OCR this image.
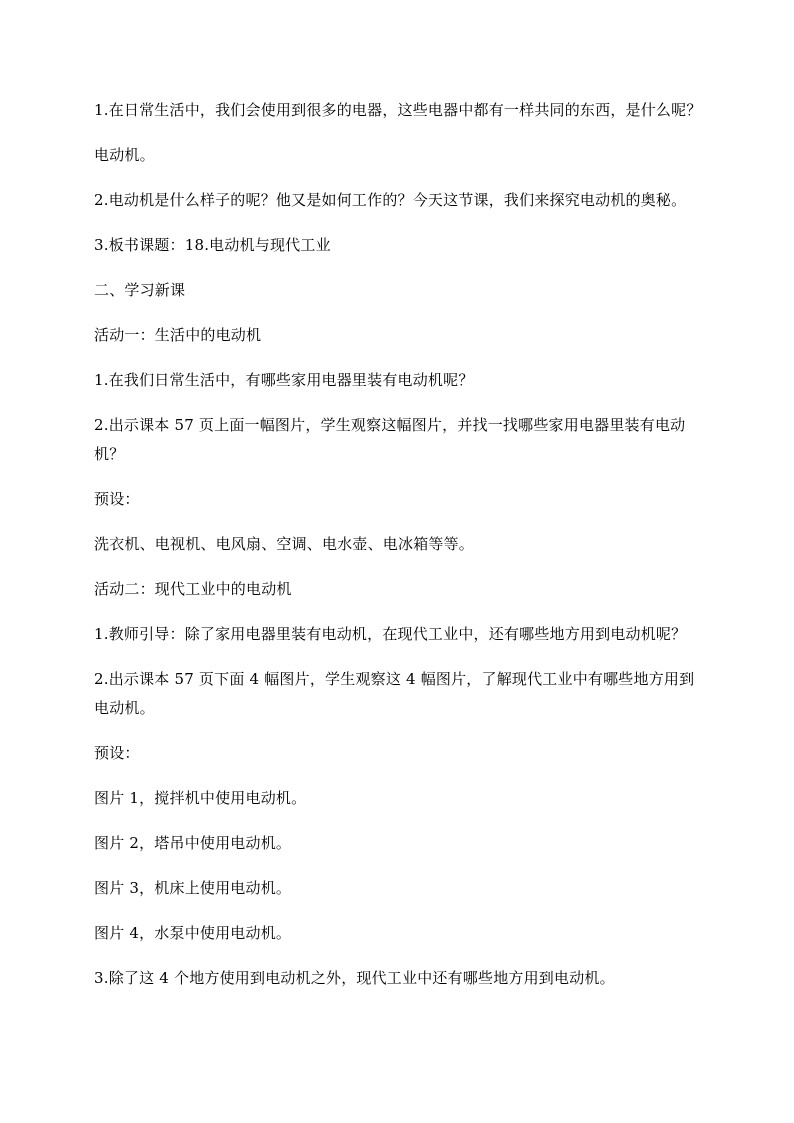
1.在日常生活中，我们会使用到很多的电器，这些电器中都有一样共同的东西，是什么呢？

电动机。

2.电动机是什么样子的呢？他又是如何工作的？今天这节课，我们来探究电动机的奥秘。

3.板书课题：18.电动机与现代工业

二、学习新课

活动一：生活中的电动机

1.在我们日常生活中，有哪些家用电器里装有电动机呢？

2.出示课本 57 页上面一幅图片，学生观察这幅图片，并找一找哪些家用电器里装有电动机？

预设：

洗衣机、电视机、电风扇、空调、电水壶、电冰箱等等。

活动二：现代工业中的电动机

1.教师引导：除了家用电器里装有电动机，在现代工业中，还有哪些地方用到电动机呢？

2.出示课本 57 页下面 4 幅图片，学生观察这 4 幅图片，了解现代工业中有哪些地方用到电动机。

预设：

图片 1，搅拌机中使用电动机。

图片 2，塔吊中使用电动机。

图片 3，机床上使用电动机。

图片 4，水泵中使用电动机。

3.除了这 4 个地方使用到电动机之外，现代工业中还有哪些地方用到电动机。
